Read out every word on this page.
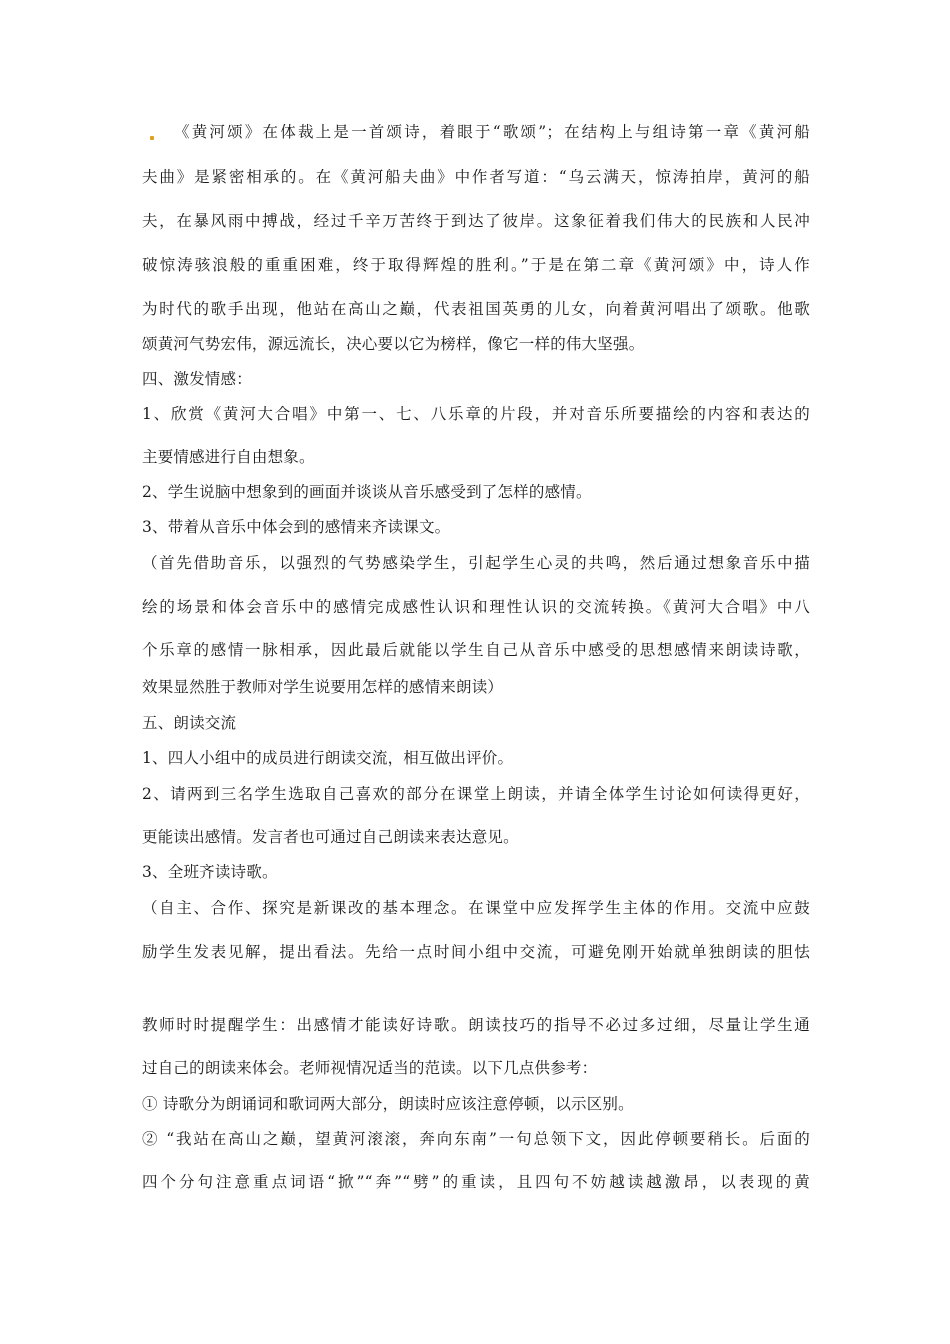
《黄河颂》在体裁上是一首颂诗，着眼于“歌颂”；在结构上与组诗第一章《黄河船
夫曲》是紧密相承的。在《黄河船夫曲》中作者写道：“乌云满天，惊涛拍岸，黄河的船
夫，在暴风雨中搏战，经过千辛万苦终于到达了彼岸。这象征着我们伟大的民族和人民冲
破惊涛骇浪般的重重困难，终于取得辉煌的胜利。”于是在第二章《黄河颂》中，诗人作
为时代的歌手出现，他站在高山之巅，代表祖国英勇的儿女，向着黄河唱出了颂歌。他歌
颂黄河气势宏伟，源远流长，决心要以它为榜样，像它一样的伟大坚强。
四、激发情感：
1、欣赏《黄河大合唱》中第一、七、八乐章的片段，并对音乐所要描绘的内容和表达的
主要情感进行自由想象。
2、学生说脑中想象到的画面并谈谈从音乐感受到了怎样的感情。
3、带着从音乐中体会到的感情来齐读课文。
（首先借助音乐，以强烈的气势感染学生，引起学生心灵的共鸣，然后通过想象音乐中描
绘的场景和体会音乐中的感情完成感性认识和理性认识的交流转换。《黄河大合唱》中八
个乐章的感情一脉相承，因此最后就能以学生自己从音乐中感受的思想感情来朗读诗歌，
效果显然胜于教师对学生说要用怎样的感情来朗读）
五、朗读交流
1、四人小组中的成员进行朗读交流，相互做出评价。
2、请两到三名学生选取自己喜欢的部分在课堂上朗读，并请全体学生讨论如何读得更好，
更能读出感情。发言者也可通过自己朗读来表达意见。
3、全班齐读诗歌。
（自主、合作、探究是新课改的基本理念。在课堂中应发挥学生主体的作用。交流中应鼓
励学生发表见解，提出看法。先给一点时间小组中交流，可避免刚开始就单独朗读的胆怯
教师时时提醒学生：出感情才能读好诗歌。朗读技巧的指导不必过多过细，尽量让学生通
过自己的朗读来体会。老师视情况适当的范读。以下几点供参考：
① 诗歌分为朗诵词和歌词两大部分，朗读时应该注意停顿，以示区别。
② “我站在高山之巅，望黄河滚滚，奔向东南”一句总领下文，因此停顿要稍长。后面的
四个分句注意重点词语“掀”“奔”“劈”的重读，且四句不妨越读越激昂，以表现的黄
